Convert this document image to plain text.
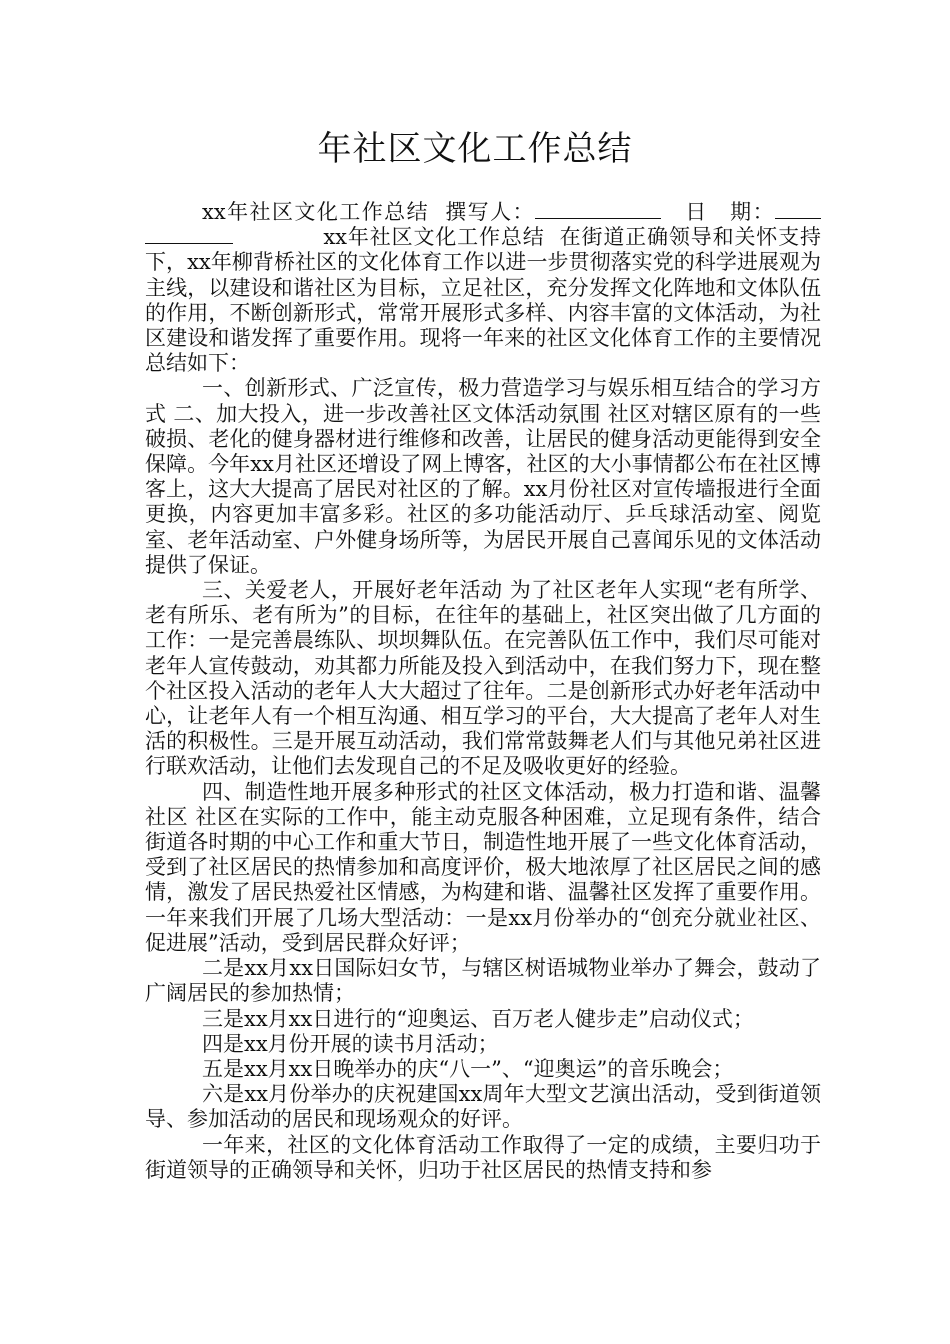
年社区文化工作总结

xx年社区文化工作总结 撰写人：	日　期：            xx年社区文化工作总结 在街道正确领导和关怀支持下，xx年柳背桥社区的文化体育工作以进一步贯彻落实党的科学进展观为主线，以建设和谐社区为目标，立足社区，充分发挥文化阵地和文体队伍的作用，不断创新形式，常常开展形式多样、内容丰富的文体活动，为社区建设和谐发挥了重要作用。现将一年来的社区文化体育工作的主要情况总结如下：

一、创新形式、广泛宣传，极力营造学习与娱乐相互结合的学习方式 二、加大投入，进一步改善社区文体活动氛围 社区对辖区原有的一些破损、老化的健身器材进行维修和改善，让居民的健身活动更能得到安全保障。今年xx月社区还增设了网上博客，社区的大小事情都公布在社区博客上，这大大提高了居民对社区的了解。xx月份社区对宣传墙报进行全面更换，内容更加丰富多彩。社区的多功能活动厅、乒乓球活动室、阅览室、老年活动室、户外健身场所等，为居民开展自己喜闻乐见的文体活动提供了保证。

三、关爱老人，开展好老年活动 为了社区老年人实现“老有所学、老有所乐、老有所为”的目标，在往年的基础上，社区突出做了几方面的工作：一是完善晨练队、坝坝舞队伍。在完善队伍工作中，我们尽可能对老年人宣传鼓动，劝其都力所能及投入到活动中，在我们努力下，现在整个社区投入活动的老年人大大超过了往年。二是创新形式办好老年活动中心，让老年人有一个相互沟通、相互学习的平台，大大提高了老年人对生活的积极性。三是开展互动活动，我们常常鼓舞老人们与其他兄弟社区进行联欢活动，让他们去发现自己的不足及吸收更好的经验。

四、制造性地开展多种形式的社区文体活动，极力打造和谐、温馨社区 社区在实际的工作中，能主动克服各种困难，立足现有条件，结合街道各时期的中心工作和重大节日，制造性地开展了一些文化体育活动，受到了社区居民的热情参加和高度评价，极大地浓厚了社区居民之间的感情，激发了居民热爱社区情感，为构建和谐、温馨社区发挥了重要作用。一年来我们开展了几场大型活动：一是xx月份举办的“创充分就业社区、促进展”活动，受到居民群众好评；

二是xx月xx日国际妇女节，与辖区树语城物业举办了舞会，鼓动了广阔居民的参加热情；

三是xx月xx日进行的“迎奥运、百万老人健步走”启动仪式；

四是xx月份开展的读书月活动；

五是xx月xx日晚举办的庆“八一”、“迎奥运”的音乐晚会；

六是xx月份举办的庆祝建国xx周年大型文艺演出活动，受到街道领导、参加活动的居民和现场观众的好评。

一年来，社区的文化体育活动工作取得了一定的成绩，主要归功于街道领导的正确领导和关怀，归功于社区居民的热情支持和参
